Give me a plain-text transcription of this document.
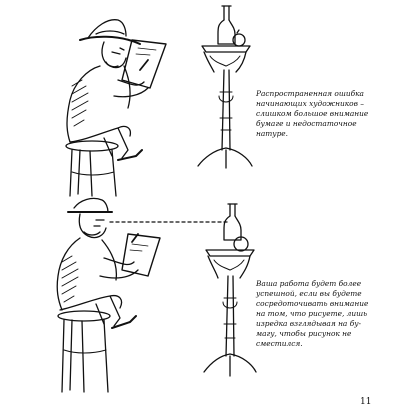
Распространенная ошибка
начинающих художников –
слишком большое внимание
бумаге и недостаточное
натуре.

Ваша работа будет более
успешной, если вы будете
сосредоточивать внимание
на том, что рисуете, лишь
изредка взглядывая на бу-
магу, чтобы рисунок не
сместился.

11
